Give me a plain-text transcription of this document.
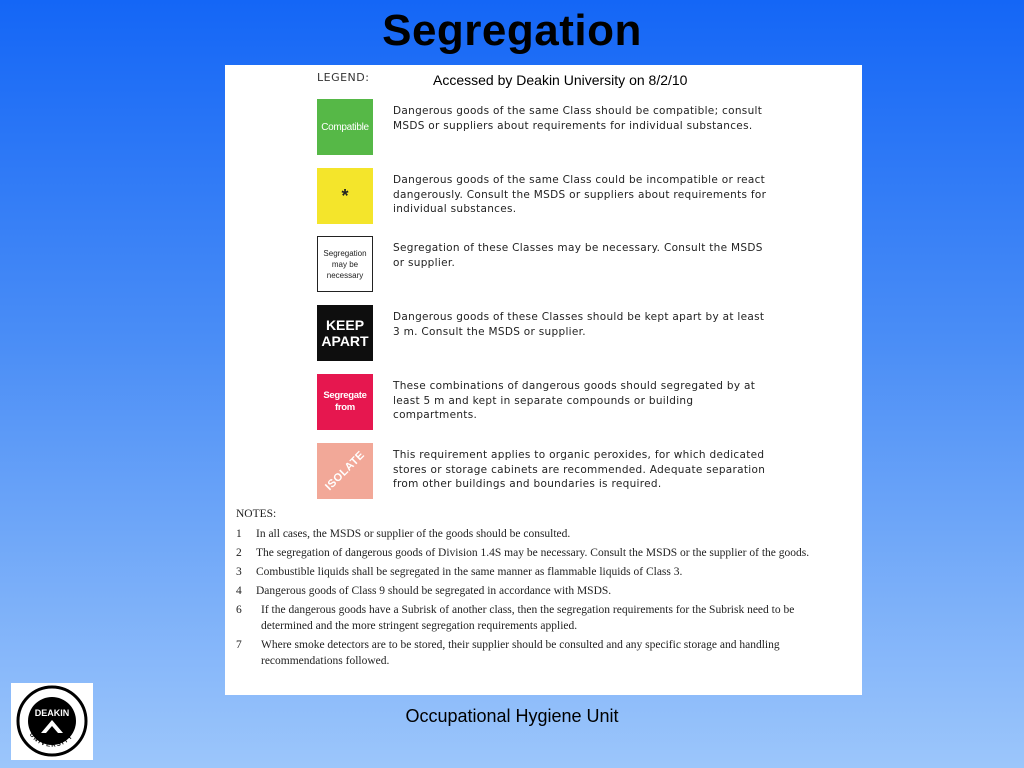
Segregation
LEGEND:	Accessed by Deakin University on 8/2/10
Compatible
Dangerous goods of the same Class should be compatible; consult MSDS or suppliers about requirements for individual substances.
*
Dangerous goods of the same Class could be incompatible or react dangerously. Consult the MSDS or suppliers about requirements for individual substances.
Segregation may be necessary
Segregation of these Classes may be necessary. Consult the MSDS or supplier.
KEEP APART
Dangerous goods of these Classes should be kept apart by at least 3 m. Consult the MSDS or supplier.
Segregate from
These combinations of dangerous goods should segregated by at least 5 m and kept in separate compounds or building compartments.
ISOLATE This requirement applies to organic peroxides, for which dedicated stores or storage cabinets are recommended. Adequate separation from other buildings and boundaries is required.
NOTES:
1 In all cases, the MSDS or supplier of the goods should be consulted.
2 The segregation of dangerous goods of Division 1.4S may be necessary. Consult the MSDS or the supplier of the goods.
3 Combustible liquids shall be segregated in the same manner as flammable liquids of Class 3.
4 Dangerous goods of Class 9 should be segregated in accordance with MSDS.
6 If the dangerous goods have a Subrisk of another class, then the segregation requirements for the Subrisk need to be determined and the more stringent segregation requirements applied.
7 Where smoke detectors are to be stored, their supplier should be consulted and any specific storage and handling recommendations followed.
DEAKIN
UNIVERSITY
Occupational Hygiene Unit
